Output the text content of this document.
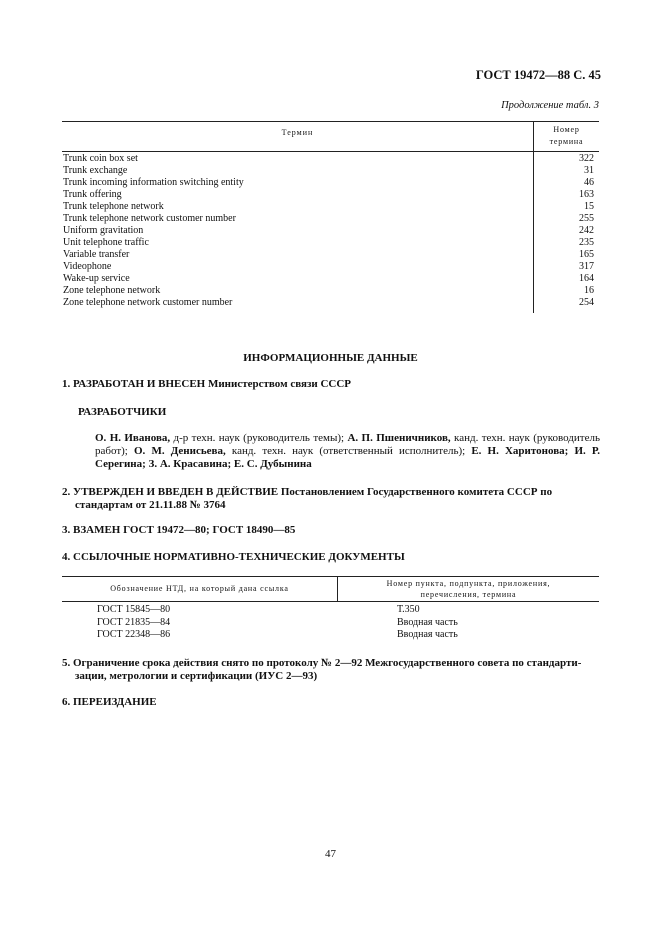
ГОСТ 19472—88 С. 45
Продолжение табл. 3
Термин	Номер
термина
Trunk coin box set	322
Trunk exchange	31
Trunk incoming information switching entity	46
Trunk offering	163
Trunk telephone network	15
Trunk telephone network customer number	255
Uniform gravitation	242
Unit telephone traffic	235
Variable transfer	165
Videophone	317
Wake-up service	164
Zone telephone network	16
Zone telephone network customer number	254
ИНФОРМАЦИОННЫЕ ДАННЫЕ
1. РАЗРАБОТАН И ВНЕСЕН Министерством связи СССР
РАЗРАБОТЧИКИ
О. Н. Иванова, д-р техн. наук (руководитель темы); А. П. Пшеничников, канд. техн. наук (руководитель работ); О. М. Денисьева, канд. техн. наук (ответственный исполнитель); Е. Н. Харитонова; И. Р. Серегина; З. А. Красавина; Е. С. Дубынина
2. УТВЕРЖДЕН И ВВЕДЕН В ДЕЙСТВИЕ Постановлением Государственного комитета СССР по
стандартам от 21.11.88 № 3764
3. ВЗАМЕН ГОСТ 19472—80; ГОСТ 18490—85
4. ССЫЛОЧНЫЕ НОРМАТИВНО-ТЕХНИЧЕСКИЕ ДОКУМЕНТЫ
Обозначение НТД, на который дана ссылка
Номер пункта, подпункта, приложения,
перечисления, термина
ГОСТ 15845—80	Т.350
ГОСТ 21835—84	Вводная часть
ГОСТ 22348—86	Вводная часть
5. Ограничение срока действия снято по протоколу № 2—92 Межгосударственного совета по стандарти-
зации, метрологии и сертификации (ИУС 2—93)
6. ПЕРЕИЗДАНИЕ
47
